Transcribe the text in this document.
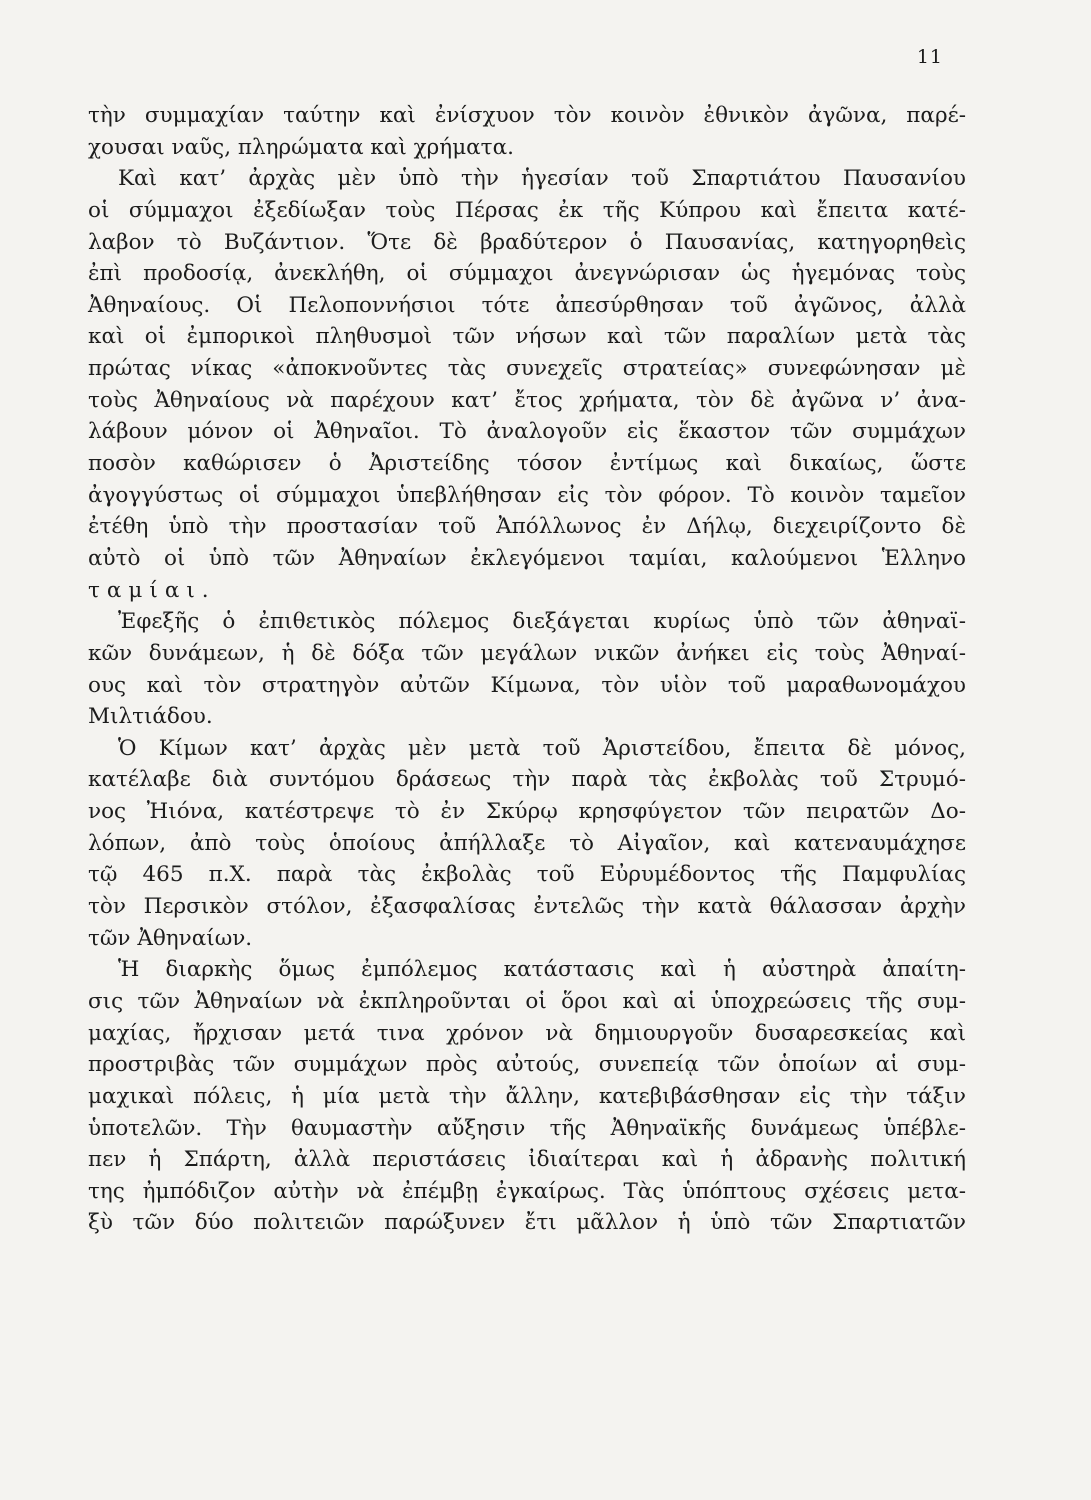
11
τὴν συμμαχίαν ταύτην καὶ ἐνίσχυον τὸν κοινὸν ἐθνικὸν ἀγῶνα, παρέ-
χουσαι ναῦς, πληρώματα καὶ χρήματα.
Καὶ κατ’ ἀρχὰς μὲν ὑπὸ τὴν ἡγεσίαν τοῦ Σπαρτιάτου Παυσανίου
οἱ σύμμαχοι ἐξεδίωξαν τοὺς Πέρσας ἐκ τῆς Κύπρου καὶ ἔπειτα κατέ-
λαβον τὸ Βυζάντιον. Ὅτε δὲ βραδύτερον ὁ Παυσανίας, κατηγορηθεὶς
ἐπὶ προδοσίᾳ, ἀνεκλήθη, οἱ σύμμαχοι ἀνεγνώρισαν ὡς ἡγεμόνας τοὺς
Ἀθηναίους. Οἱ Πελοποννήσιοι τότε ἀπεσύρθησαν τοῦ ἀγῶνος, ἀλλὰ
καὶ οἱ ἐμπορικοὶ πληθυσμοὶ τῶν νήσων καὶ τῶν παραλίων μετὰ τὰς
πρώτας νίκας «ἀποκνοῦντες τὰς συνεχεῖς στρατείας» συνεφώνησαν μὲ
τοὺς Ἀθηναίους νὰ παρέχουν κατ’ ἔτος χρήματα, τὸν δὲ ἀγῶνα ν’ ἀνα-
λάβουν μόνον οἱ Ἀθηναῖοι. Τὸ ἀναλογοῦν εἰς ἕκαστον τῶν συμμάχων
ποσὸν καθώρισεν ὁ Ἀριστείδης τόσον ἐντίμως καὶ δικαίως, ὥστε
ἀγογγύστως οἱ σύμμαχοι ὑπεβλήθησαν εἰς τὸν φόρον. Τὸ κοινὸν ταμεῖον
ἐτέθη ὑπὸ τὴν προστασίαν τοῦ Ἀπόλλωνος ἐν Δήλῳ, διεχειρίζοντο δὲ
αὐτὸ οἱ ὑπὸ τῶν Ἀθηναίων ἐκλεγόμενοι ταμίαι, καλούμενοι Ἑλληνο
ταμίαι.
Ἐφεξῆς ὁ ἐπιθετικὸς πόλεμος διεξάγεται κυρίως ὑπὸ τῶν ἀθηναϊ-
κῶν δυνάμεων, ἡ δὲ δόξα τῶν μεγάλων νικῶν ἀνήκει εἰς τοὺς Ἀθηναί-
ους καὶ τὸν στρατηγὸν αὐτῶν Κίμωνα, τὸν υἱὸν τοῦ μαραθωνομάχου
Μιλτιάδου.
Ὁ Κίμων κατ’ ἀρχὰς μὲν μετὰ τοῦ Ἀριστείδου, ἔπειτα δὲ μόνος,
κατέλαβε διὰ συντόμου δράσεως τὴν παρὰ τὰς ἐκβολὰς τοῦ Στρυμό-
νος Ἠιόνα, κατέστρεψε τὸ ἐν Σκύρῳ κρησφύγετον τῶν πειρατῶν Δο-
λόπων, ἀπὸ τοὺς ὁποίους ἀπήλλαξε τὸ Αἰγαῖον, καὶ κατεναυμάχησε
τῷ 465 π.Χ. παρὰ τὰς ἐκβολὰς τοῦ Εὐρυμέδοντος τῆς Παμφυλίας
τὸν Περσικὸν στόλον, ἐξασφαλίσας ἐντελῶς τὴν κατὰ θάλασσαν ἀρχὴν
τῶν Ἀθηναίων.
Ἡ διαρκὴς ὅμως ἐμπόλεμος κατάστασις καὶ ἡ αὐστηρὰ ἀπαίτη-
σις τῶν Ἀθηναίων νὰ ἐκπληροῦνται οἱ ὅροι καὶ αἱ ὑποχρεώσεις τῆς συμ-
μαχίας, ἤρχισαν μετά τινα χρόνον νὰ δημιουργοῦν δυσαρεσκείας καὶ
προστριβὰς τῶν συμμάχων πρὸς αὐτούς, συνεπείᾳ τῶν ὁποίων αἱ συμ-
μαχικαὶ πόλεις, ἡ μία μετὰ τὴν ἄλλην, κατεβιβάσθησαν εἰς τὴν τάξιν
ὑποτελῶν. Τὴν θαυμαστὴν αὔξησιν τῆς Ἀθηναϊκῆς δυνάμεως ὑπέβλε-
πεν ἡ Σπάρτη, ἀλλὰ περιστάσεις ἰδιαίτεραι καὶ ἡ ἀδρανὴς πολιτική
της ἠμπόδιζον αὐτὴν νὰ ἐπέμβῃ ἐγκαίρως. Τὰς ὑπόπτους σχέσεις μετα-
ξὺ τῶν δύο πολιτειῶν παρώξυνεν ἔτι μᾶλλον ἡ ὑπὸ τῶν Σπαρτιατῶν
